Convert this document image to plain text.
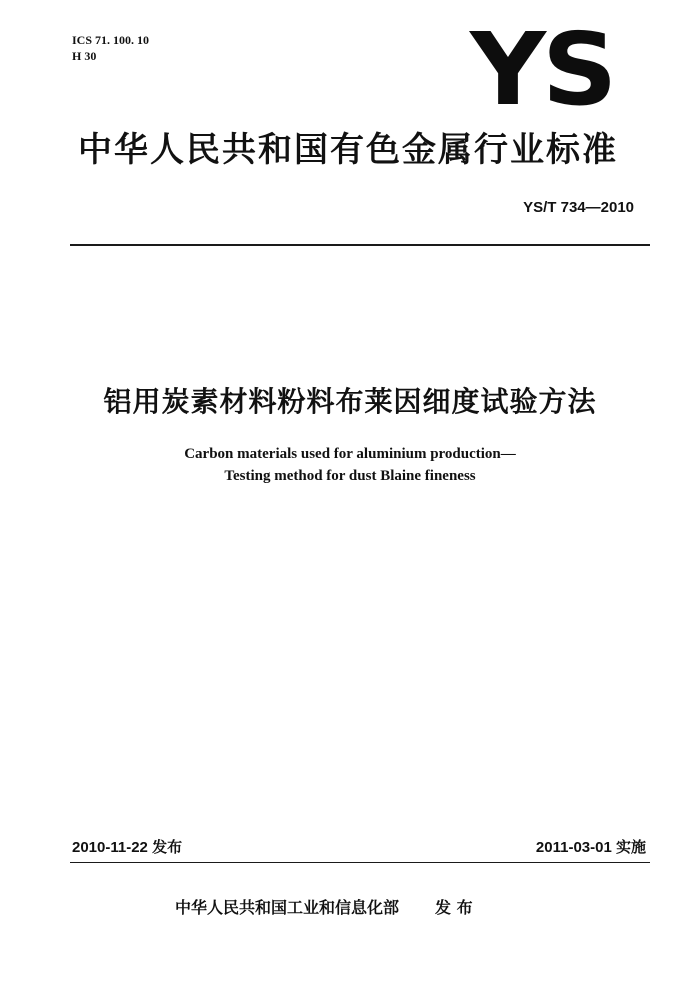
ICS 71. 100. 10
H 30	YS
中华人民共和国有色金属行业标准
YS/T 734—2010
铝用炭素材料粉料布莱因细度试验方法
Carbon materials used for aluminium production—
Testing method for dust Blaine fineness
2010-11-22 发布	2011-03-01 实施
中华人民共和国工业和信息化部 发 布
